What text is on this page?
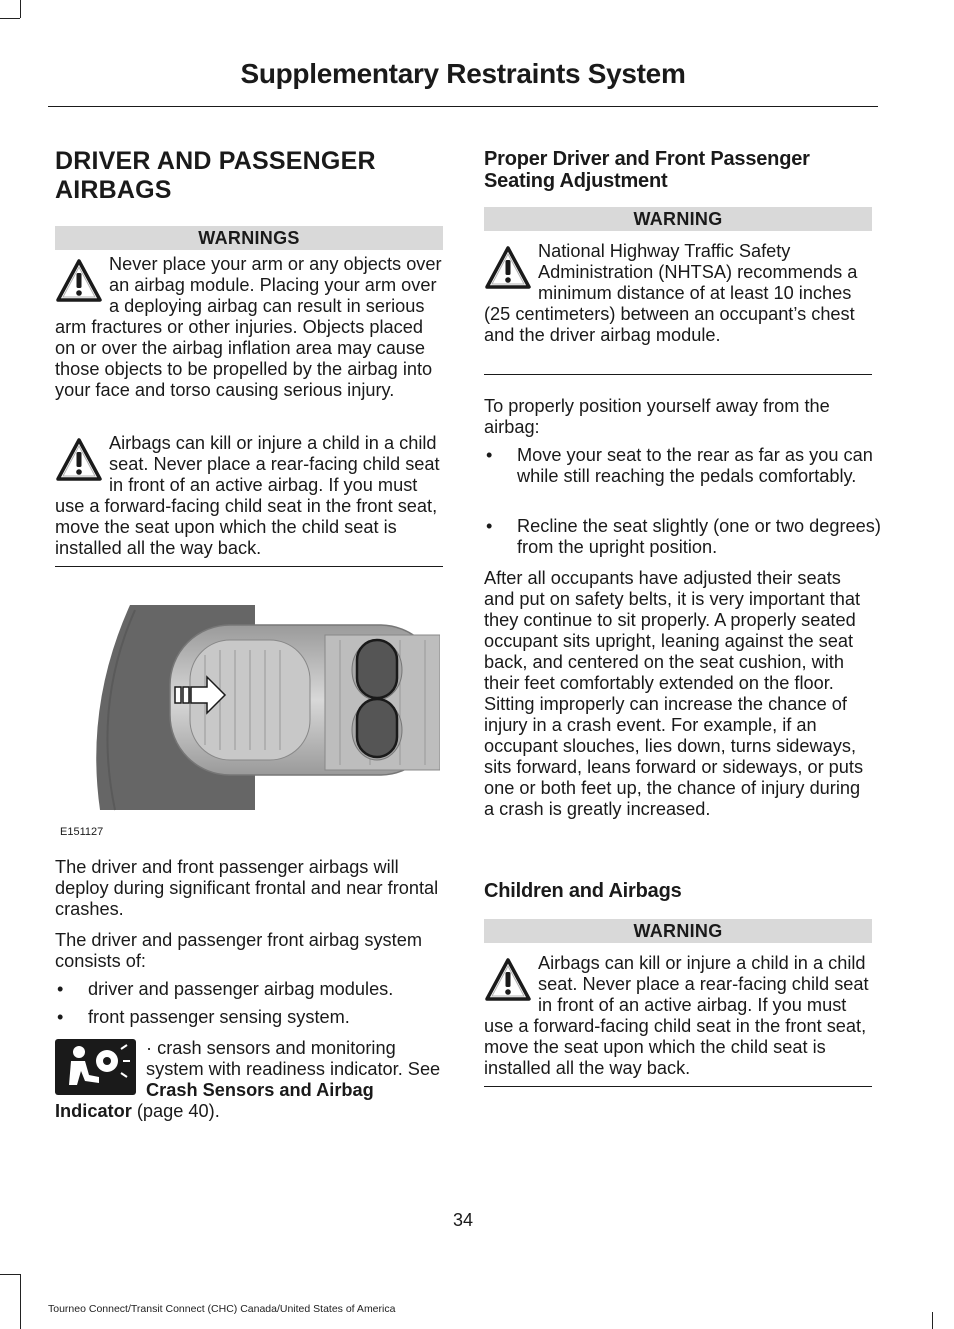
Supplementary Restraints System
DRIVER AND PASSENGER AIRBAGS
WARNINGS
Never place your arm or any objects over an airbag module. Placing your arm over a deploying airbag can result in serious arm fractures or other injuries. Objects placed on or over the airbag inflation area may cause those objects to be propelled by the airbag into your face and torso causing serious injury.
Airbags can kill or injure a child in a child seat. Never place a rear-facing child seat in front of an active airbag. If you must use a forward-facing child seat in the front seat, move the seat upon which the child seat is installed all the way back.
E151127
The driver and front passenger airbags will deploy during significant frontal and near frontal crashes.
The driver and passenger front airbag system consists of:
• driver and passenger airbag modules.
• front passenger sensing system.
· crash sensors and monitoring system with readiness indicator. See Crash Sensors and Airbag Indicator (page 40).
Proper Driver and Front Passenger Seating Adjustment
WARNING
National Highway Traffic Safety Administration (NHTSA) recommends a minimum distance of at least 10 inches (25 centimeters) between an occupant’s chest and the driver airbag module.
To properly position yourself away from the airbag:
• Move your seat to the rear as far as you can while still reaching the pedals comfortably.
• Recline the seat slightly (one or two degrees) from the upright position.
After all occupants have adjusted their seats and put on safety belts, it is very important that they continue to sit properly. A properly seated occupant sits upright, leaning against the seat back, and centered on the seat cushion, with their feet comfortably extended on the floor. Sitting improperly can increase the chance of injury in a crash event. For example, if an occupant slouches, lies down, turns sideways, sits forward, leans forward or sideways, or puts one or both feet up, the chance of injury during a crash is greatly increased.
Children and Airbags
WARNING
Airbags can kill or injure a child in a child seat. Never place a rear-facing child seat in front of an active airbag. If you must use a forward-facing child seat in the front seat, move the seat upon which the child seat is installed all the way back.
34
Tourneo Connect/Transit Connect (CHC) Canada/United States of America
